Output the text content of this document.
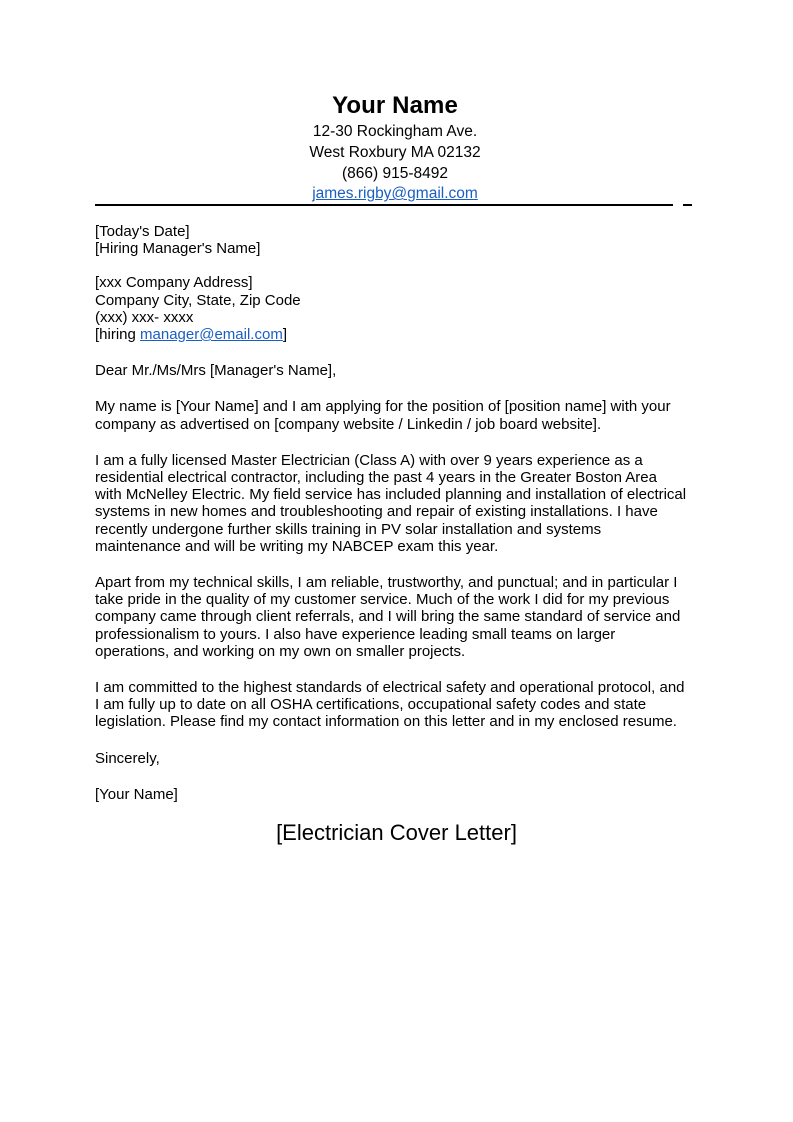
Your Name
12-30 Rockingham Ave.
West Roxbury MA 02132
(866) 915-8492
james.rigby@gmail.com
[Today's Date]
[Hiring Manager's Name]
[xxx Company Address]
Company City, State, Zip Code
(xxx) xxx- xxxx
[hiring manager@email.com]
Dear Mr./Ms/Mrs [Manager's Name],
My name is [Your Name] and I am applying for the position of [position name] with your company as advertised on [company website / Linkedin / job board website].
I am a fully licensed Master Electrician (Class A) with over 9 years experience as a residential electrical contractor, including the past 4 years in the Greater Boston Area with McNelley Electric. My field service has included planning and installation of electrical systems in new homes and troubleshooting and repair of existing installations. I have recently undergone further skills training in PV solar installation and systems maintenance and will be writing my NABCEP exam this year.
Apart from my technical skills, I am reliable, trustworthy, and punctual; and in particular I take pride in the quality of my customer service. Much of the work I did for my previous company came through client referrals, and I will bring the same standard of service and professionalism to yours. I also have experience leading small teams on larger operations, and working on my own on smaller projects.
I am committed to the highest standards of electrical safety and operational protocol, and I am fully up to date on all OSHA certifications, occupational safety codes and state legislation. Please find my contact information on this letter and in my enclosed resume.
Sincerely,
[Your Name]
[Electrician Cover Letter]
